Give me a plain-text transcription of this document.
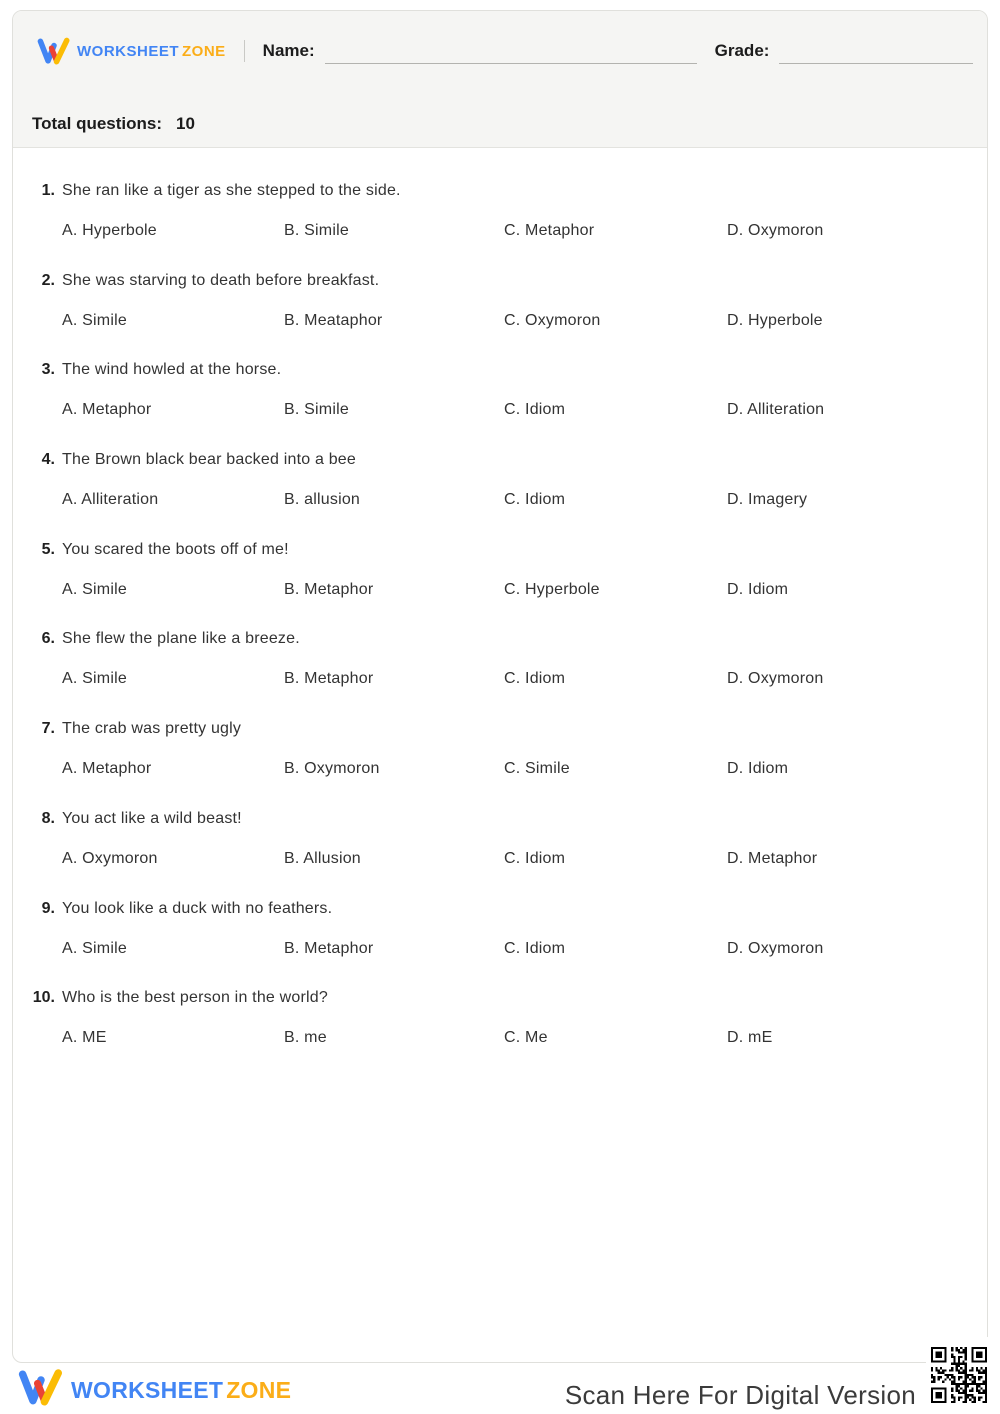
WORKSHEET ZONE Name:	Grade:
Total questions: 10
1. She ran like a tiger as she stepped to the side.
A. Hyperbole	B. Simile	C. Metaphor	D. Oxymoron
2. She was starving to death before breakfast.
A. Simile	B. Meataphor	C. Oxymoron	D. Hyperbole
3. The wind howled at the horse.
A. Metaphor	B. Simile	C. Idiom	D. Alliteration
4. The Brown black bear backed into a bee
A. Alliteration	B. allusion	C. Idiom	D. Imagery
5. You scared the boots off of me!
A. Simile	B. Metaphor	C. Hyperbole	D. Idiom
6. She flew the plane like a breeze.
A. Simile	B. Metaphor	C. Idiom	D. Oxymoron
7. The crab was pretty ugly
A. Metaphor	B. Oxymoron	C. Simile	D. Idiom
8. You act like a wild beast!
A. Oxymoron	B. Allusion	C. Idiom	D. Metaphor
9. You look like a duck with no feathers.
A. Simile	B. Metaphor	C. Idiom	D. Oxymoron
10. Who is the best person in the world?
A. ME	B. me	C. Me	D. mE
WORKSHEET ZONE	Scan Here For Digital Version
